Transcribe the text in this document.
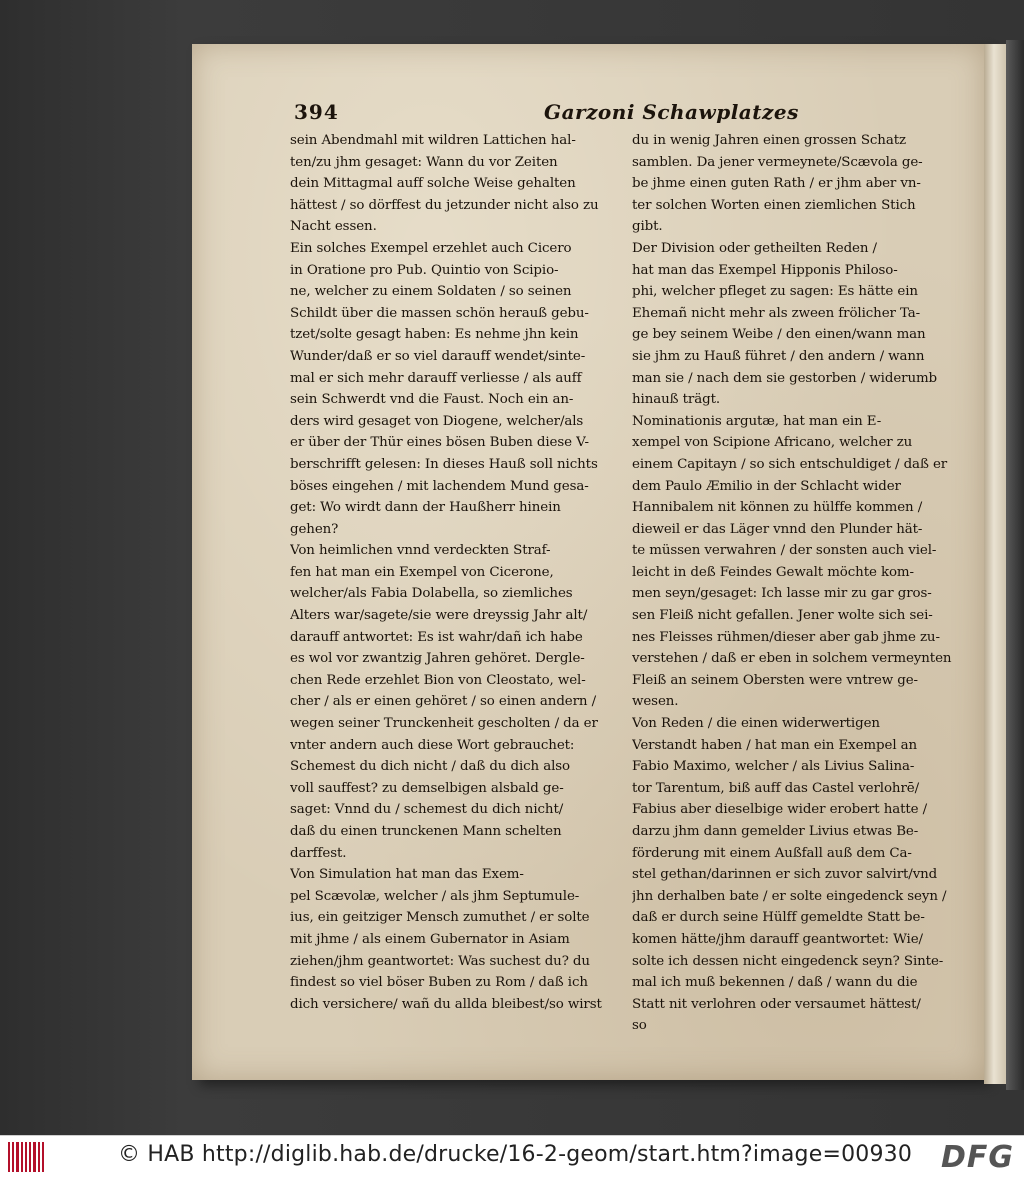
394	Garzoni Schawplatzes
sein Abendmahl mit wildren Lattichen hal-
ten/zu jhm gesaget: Wann du vor Zeiten
dein Mittagmal auff solche Weise gehalten
hättest / so dörffest du jetzunder nicht also zu
Nacht essen.
Ein solches Exempel erzehlet auch Cicero
in Oratione pro Pub. Quintio von Scipio-
ne, welcher zu einem Soldaten / so seinen
Schildt über die massen schön herauß gebu-
tzet/solte gesagt haben: Es nehme jhn kein
Wunder/daß er so viel darauff wendet/sinte-
mal er sich mehr darauff verliesse / als auff
sein Schwerdt vnd die Faust. Noch ein an-
ders wird gesaget von Diogene, welcher/als
er über der Thür eines bösen Buben diese V-
berschrifft gelesen: In dieses Hauß soll nichts
böses eingehen / mit lachendem Mund gesa-
get: Wo wirdt dann der Haußherr hinein
gehen?
Von heimlichen vnnd verdeckten Straf-
fen hat man ein Exempel von Cicerone,
welcher/als Fabia Dolabella, so ziemliches
Alters war/sagete/sie were dreyssig Jahr alt/
darauff antwortet: Es ist wahr/dañ ich habe
es wol vor zwantzig Jahren gehöret. Dergle-
chen Rede erzehlet Bion von Cleostato, wel-
cher / als er einen gehöret / so einen andern /
wegen seiner Trunckenheit gescholten / da er
vnter andern auch diese Wort gebrauchet:
Schemest du dich nicht / daß du dich also
voll sauffest? zu demselbigen alsbald ge-
saget: Vnnd du / schemest du dich nicht/
daß du einen trunckenen Mann schelten
darffest.
Von Simulation hat man das Exem-
pel Scævolæ, welcher / als jhm Septumule-
ius, ein geitziger Mensch zumuthet / er solte
mit jhme / als einem Gubernator in Asiam
ziehen/jhm geantwortet: Was suchest du? du
findest so viel böser Buben zu Rom / daß ich
dich versichere/ wañ du allda bleibest/so wirst
du in wenig Jahren einen grossen Schatz
samblen. Da jener vermeynete/Scævola ge-
be jhme einen guten Rath / er jhm aber vn-
ter solchen Worten einen ziemlichen Stich
gibt.
Der Division oder getheilten Reden /
hat man das Exempel Hipponis Philoso-
phi, welcher pfleget zu sagen: Es hätte ein
Ehemañ nicht mehr als zween frölicher Ta-
ge bey seinem Weibe / den einen/wann man
sie jhm zu Hauß führet / den andern / wann
man sie / nach dem sie gestorben / widerumb
hinauß trägt.
Nominationis argutæ, hat man ein E-
xempel von Scipione Africano, welcher zu
einem Capitayn / so sich entschuldiget / daß er
dem Paulo Æmilio in der Schlacht wider
Hannibalem nit können zu hülffe kommen /
dieweil er das Läger vnnd den Plunder hät-
te müssen verwahren / der sonsten auch viel-
leicht in deß Feindes Gewalt möchte kom-
men seyn/gesaget: Ich lasse mir zu gar gros-
sen Fleiß nicht gefallen. Jener wolte sich sei-
nes Fleisses rühmen/dieser aber gab jhme zu-
verstehen / daß er eben in solchem vermeynten
Fleiß an seinem Obersten were vntrew ge-
wesen.
Von Reden / die einen widerwertigen
Verstandt haben / hat man ein Exempel an
Fabio Maximo, welcher / als Livius Salina-
tor Tarentum, biß auff das Castel verlohrē/
Fabius aber dieselbige wider erobert hatte /
darzu jhm dann gemelder Livius etwas Be-
förderung mit einem Außfall auß dem Ca-
stel gethan/darinnen er sich zuvor salvirt/vnd
jhn derhalben bate / er solte eingedenck seyn /
daß er durch seine Hülff gemeldte Statt be-
komen hätte/jhm darauff geantwortet: Wie/
solte ich dessen nicht eingedenck seyn? Sinte-
mal ich muß bekennen / daß / wann du die
Statt nit verlohren oder versaumet hättest/
so
© HAB http://diglib.hab.de/drucke/16-2-geom/start.htm?image=00930 DFG
